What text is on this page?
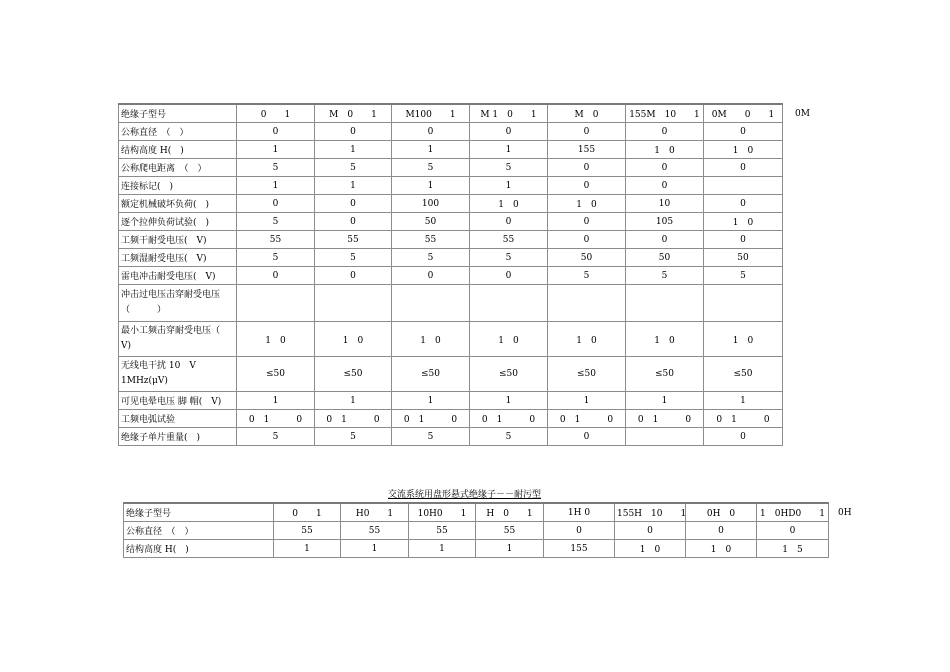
绝缘子型号	0　　1	M　0　　1	M100　　1	M 1　0　　1	M　0	155M　10　　1	0M　　0　　1
公称直径　（　）	0	0	0	0	0	0	0
结构高度 H(　)	1	1	1	1	155	1　0	1　0
公称爬电距离　（　）	5	5	5	5	0	0	0
连接标记(　)	1	1	1	1	0	0	
额定机械破坏负荷(　)	0	0	100	1　0	1　0	10	0
逐个拉伸负荷试验(　)	5	0	50	0	0	105	1　0
工频干耐受电压(　V)	55	55	55	55	0	0	0
工频湿耐受电压(　V)	5	5	5	5	50	50	50
雷电冲击耐受电压(　V)	0	0	0	0	5	5	5
冲击过电压击穿耐受电压（　　　）							
最小工频击穿耐受电压（　V)	1　0	1　0	1　0	1　0	1　0	1　0	1　0
无线电干扰 10　V 1MHz(μV)	≤50	≤50	≤50	≤50	≤50	≤50	≤50
可见电晕电压 脚 帽(　V)	1	1	1	1	1	1	1
工频电弧试验	0　1　　　0	0　1　　　0	0　1　　　0	0　1　　　0	0　1　　　0	0　1　　　0	0　1　　　0
绝缘子单片重量(　)	5	5	5	5	0		0
0M
交流系统用盘形悬式绝缘子－－耐污型
绝缘子型号	0　　1	H0　　1	10H0　　1	H　0　　1	1H 0	155H　10　　1	0H　0	1　0HD0　　1
公称直径　（　）	55	55	55	55	0	0	0	0
结构高度 H(　)	1	1	1	1	155	1　0	1　0	1　5
0H
